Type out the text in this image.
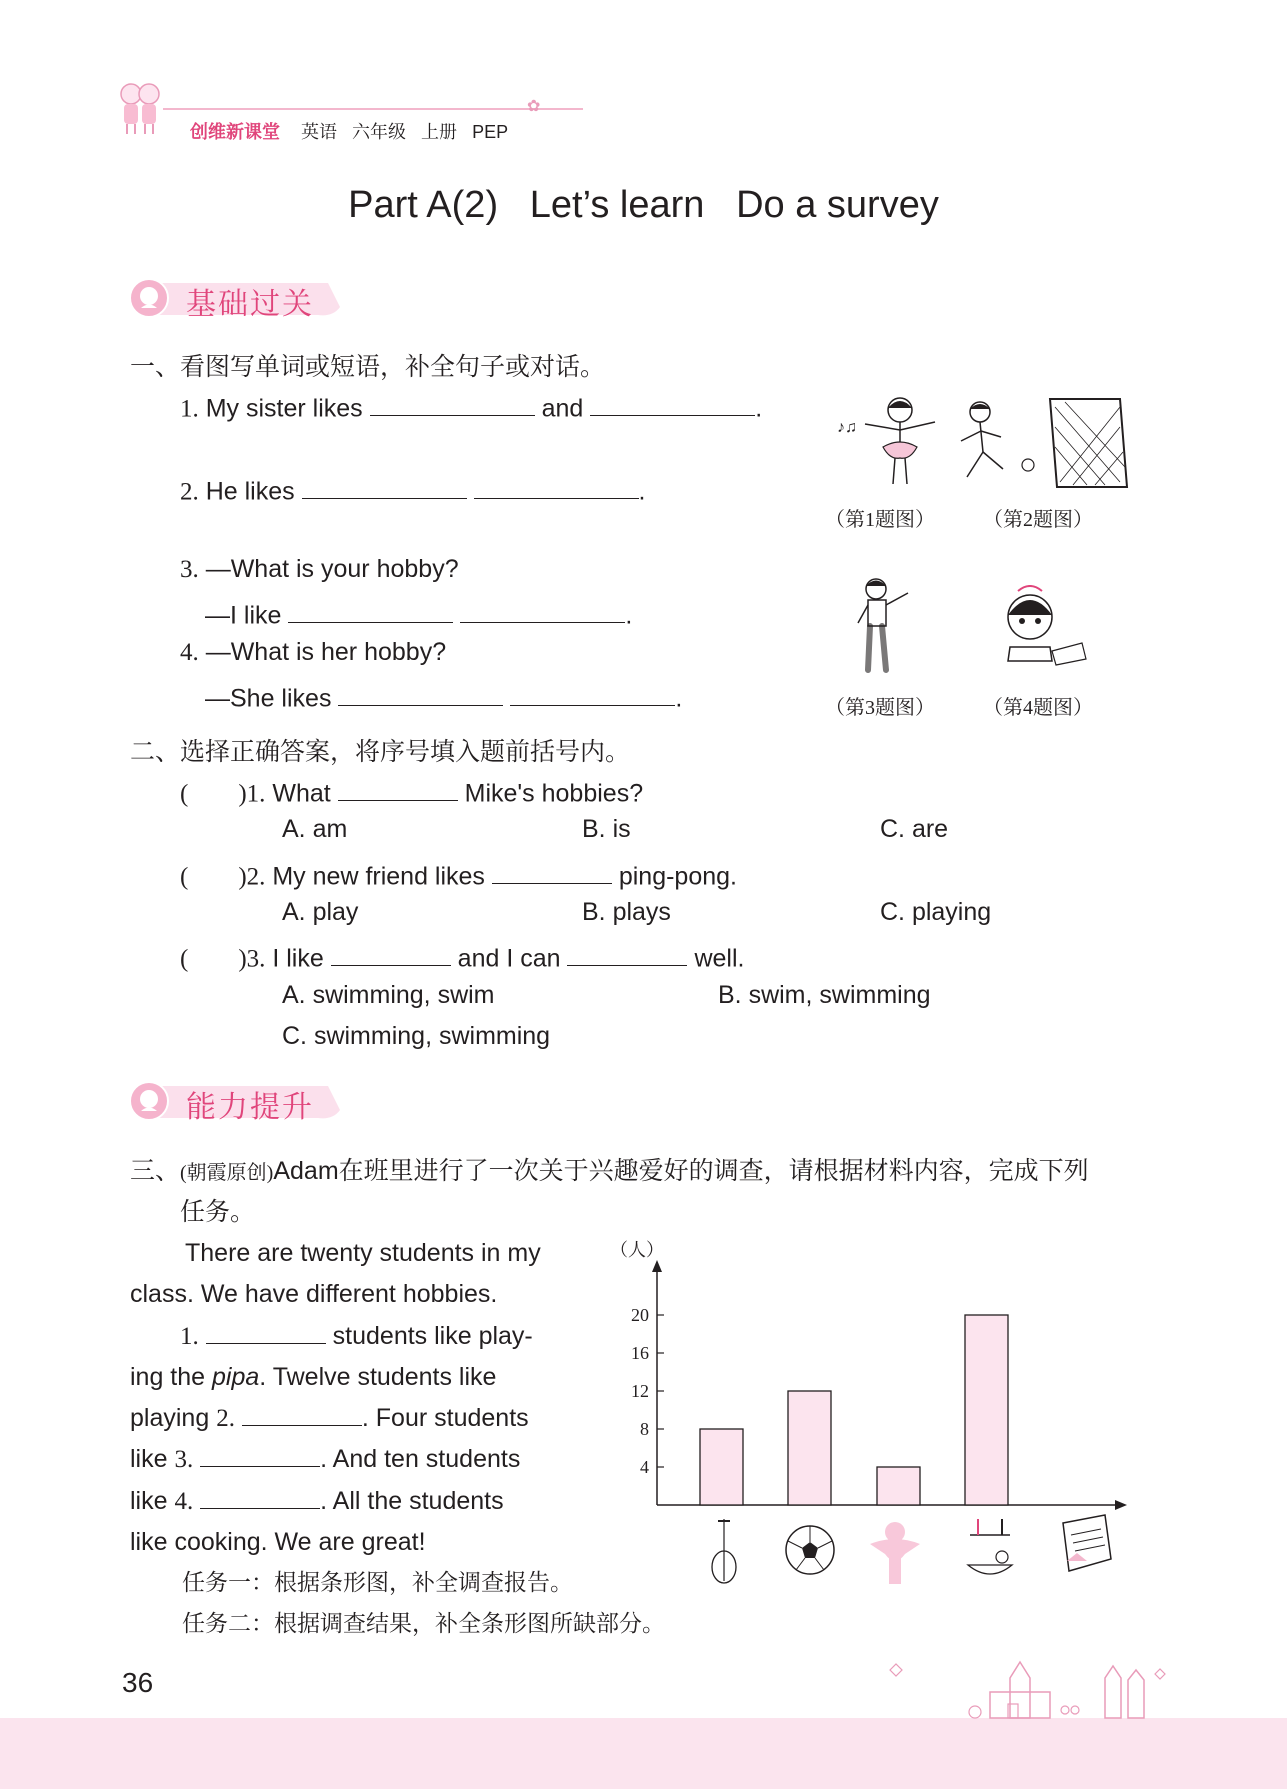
创维新课堂 英语 六年级 上册 PEP
✿
Part A(2)   Let’s learn   Do a survey
基础过关
一、看图写单词或短语，补全句子或对话。
1. My sister likes	and	.
2. He likes	.
3. —What is your hobby?
—I like	.
4. —What is her hobby?
—She likes	.
♪♫
（第1题图） （第2题图）
（第3题图） （第4题图）
二、选择正确答案，将序号填入题前括号内。
(        )1. What	Mike's hobbies?
A. am	B. is	C. are
(        )2. My new friend likes	ping-pong.
A. play	B. plays	C. playing
(        )3. I like	and I can	well.
A. swimming, swim	B. swim, swimming
C. swimming, swimming
能力提升
三、(朝霞原创)Adam在班里进行了一次关于兴趣爱好的调查，请根据材料内容，完成下列
任务。
There are twenty students in my
class. We have different hobbies.
1.	students like play-
ing the pipa. Twelve students like
playing 2.	. Four students
like 3.	. And ten students
like 4.	. All the students
like cooking. We are great!
任务一：根据条形图，补全调查报告。
任务二：根据调查结果，补全条形图所缺部分。
（人）
4
8
12
16
20
36
